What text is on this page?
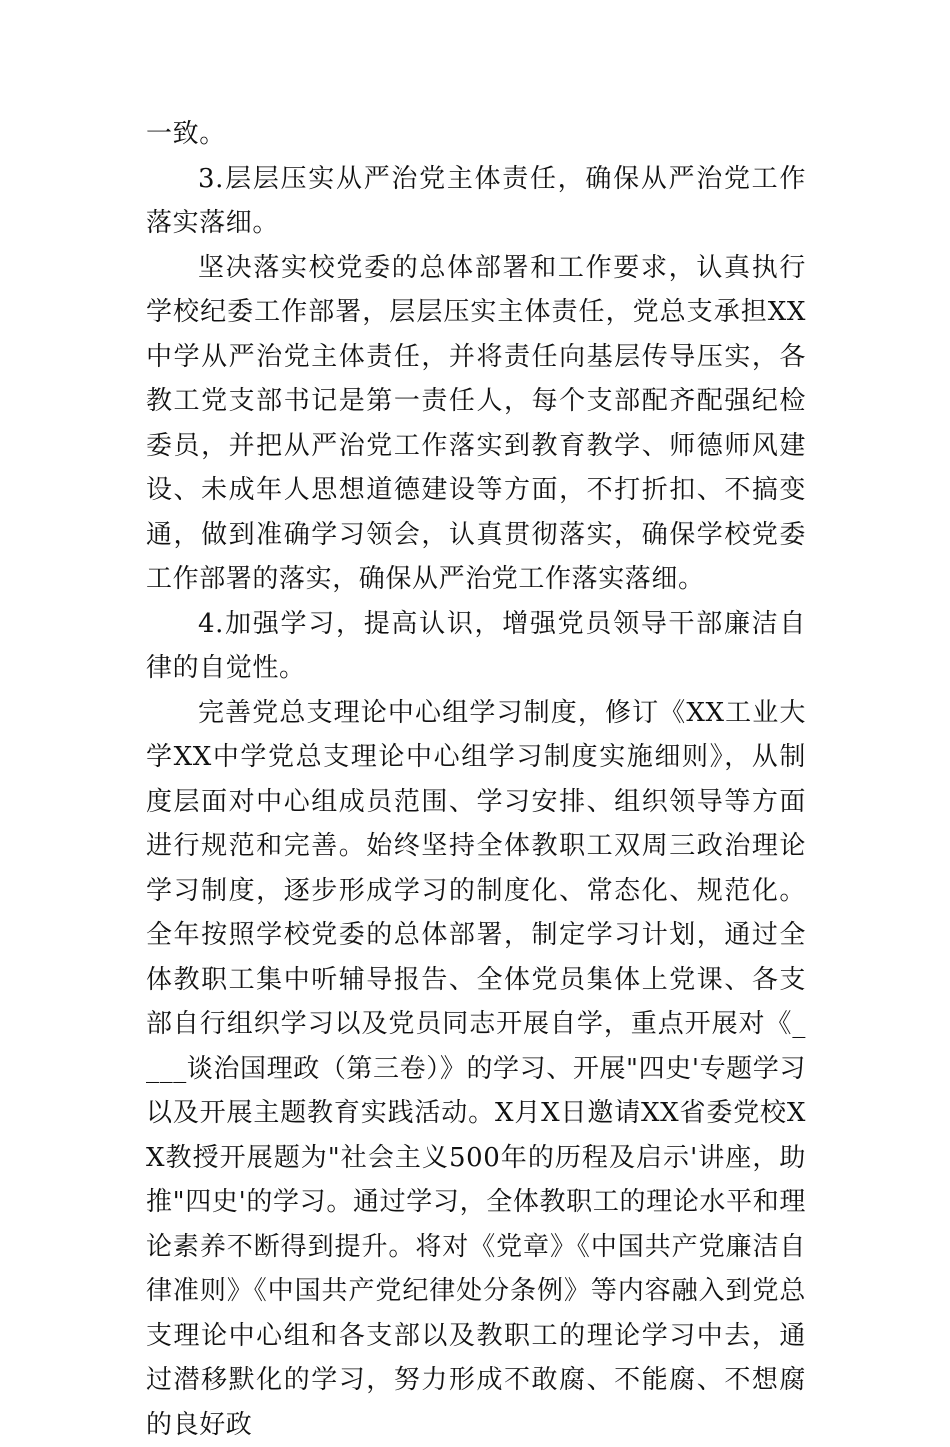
一致。

3.层层压实从严治党主体责任，确保从严治党工作落实落细。

坚决落实校党委的总体部署和工作要求，认真执行学校纪委工作部署，层层压实主体责任，党总支承担XX中学从严治党主体责任，并将责任向基层传导压实，各教工党支部书记是第一责任人，每个支部配齐配强纪检委员，并把从严治党工作落实到教育教学、师德师风建设、未成年人思想道德建设等方面，不打折扣、不搞变通，做到准确学习领会，认真贯彻落实，确保学校党委工作部署的落实，确保从严治党工作落实落细。

4.加强学习，提高认识，增强党员领导干部廉洁自律的自觉性。

完善党总支理论中心组学习制度，修订《XX工业大学XX中学党总支理论中心组学习制度实施细则》，从制度层面对中心组成员范围、学习安排、组织领导等方面进行规范和完善。始终坚持全体教职工双周三政治理论学习制度，逐步形成学习的制度化、常态化、规范化。全年按照学校党委的总体部署，制定学习计划，通过全体教职工集中听辅导报告、全体党员集体上党课、各支部自行组织学习以及党员同志开展自学，重点开展对《____谈治国理政（第三卷）》的学习、开展"四史'专题学习以及开展主题教育实践活动。X月X日邀请XX省委党校XX教授开展题为"社会主义500年的历程及启示'讲座，助推"四史'的学习。通过学习，全体教职工的理论水平和理论素养不断得到提升。将对《党章》《中国共产党廉洁自律准则》《中国共产党纪律处分条例》等内容融入到党总支理论中心组和各支部以及教职工的理论学习中去，通过潜移默化的学习，努力形成不敢腐、不能腐、不想腐的良好政
